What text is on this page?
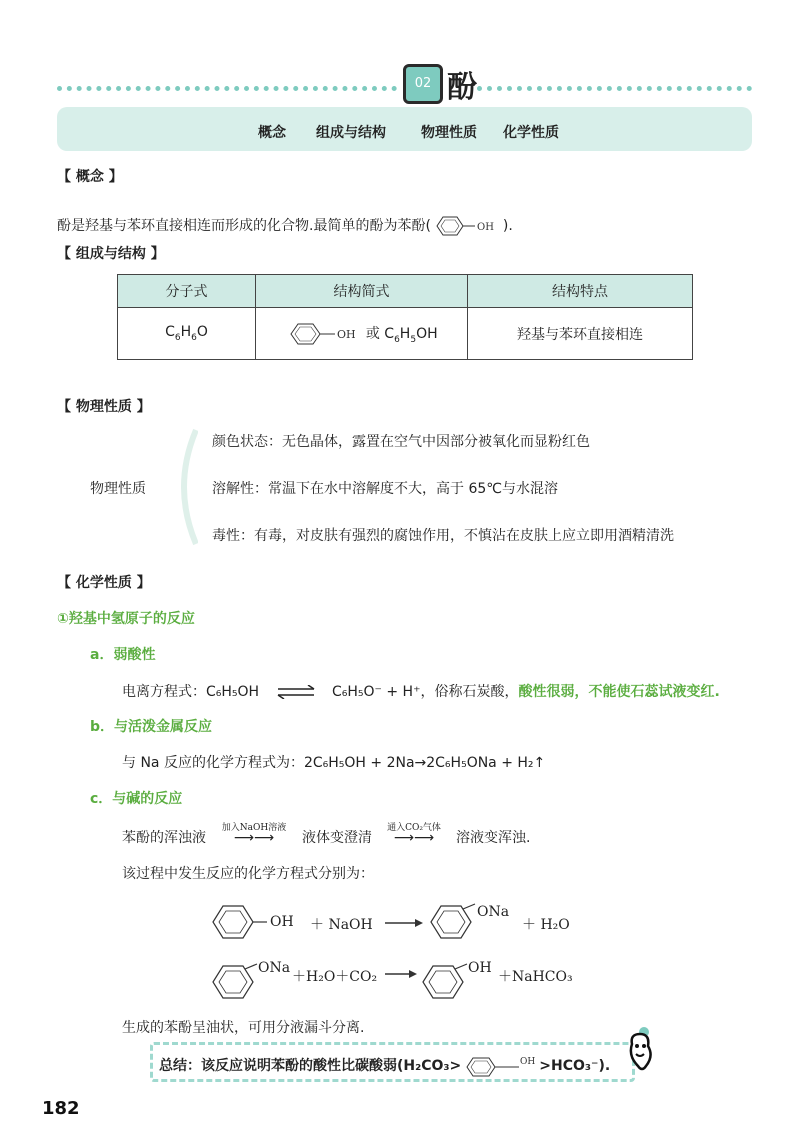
02 酚
概念 组成与结构	物理性质 化学性质
【 概念 】
酚是羟基与苯环直接相连而形成的化合物.最简单的酚为苯酚(	OH ).
【 组成与结构 】
分子式	结构简式	结构特点
$C_6H_6O$	OH 或 $C_6H_5OH$	羟基与苯环直接相连
【 物理性质 】
物理性质
颜色状态：无色晶体，露置在空气中因部分被氧化而显粉红色
溶解性：常温下在水中溶解度不大，高于 65℃与水混溶
毒性：有毒，对皮肤有强烈的腐蚀作用，不慎沾在皮肤上应立即用酒精清洗
【 化学性质 】
①羟基中氢原子的反应
a．弱酸性
电离方程式：C₆H₅OH ⇌ C₆H₅O⁻ + H⁺，俗称石炭酸，酸性很弱，不能使石蕊试液变红.
b．与活泼金属反应
与 Na 反应的化学方程式为：2C₆H₅OH + 2Na→2C₆H₅ONa + H₂↑
c．与碱的反应
苯酚的浑浊液
加入NaOH溶液
⟶⟶ 液体变澄清
通入CO₂气体
⟶⟶ 溶液变浑浊.
该过程中发生反应的化学方程式分别为：
OH ＋ NaOH
ONa
＋ H₂O
ONa
＋H₂O＋CO₂
OH
＋NaHCO₃
生成的苯酚呈油状，可用分液漏斗分离.
总结：该反应说明苯酚的酸性比碳酸弱(H₂CO₃>	OH >HCO₃⁻).
182
